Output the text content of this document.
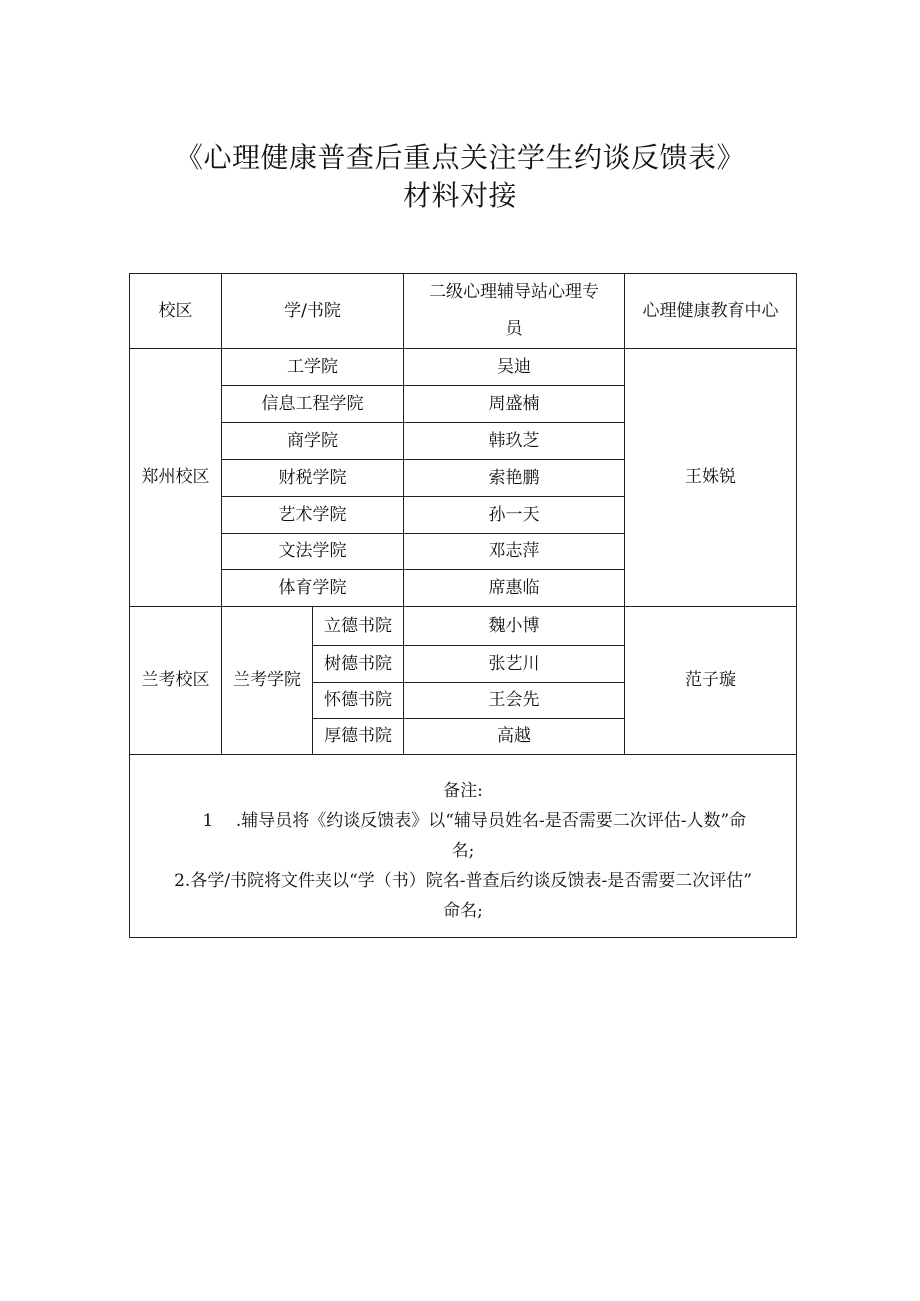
《心理健康普查后重点关注学生约谈反馈表》
材料对接
校区	学/书院		二级心理辅导站心理专
员	心理健康教育中心
郑州校区	工学院		吴迪	王姝锐
	信息工程学院		周盛楠	
	商学院		韩玖芝	
	财税学院		索艳鹏	
	艺术学院		孙一天	
	文法学院		邓志萍	
	体育学院		席惠临	
兰考校区	兰考学院	立德书院	魏小博	范子璇
		树德书院	张艺川	
		怀德书院	王会先	
		厚德书院	高越	

备注:
1 .辅导员将《约谈反馈表》以“辅导员姓名-是否需要二次评估-人数”命
名;
2.各学/书院将文件夹以“学（书）院名-普查后约谈反馈表-是否需要二次评估”
命名;				
